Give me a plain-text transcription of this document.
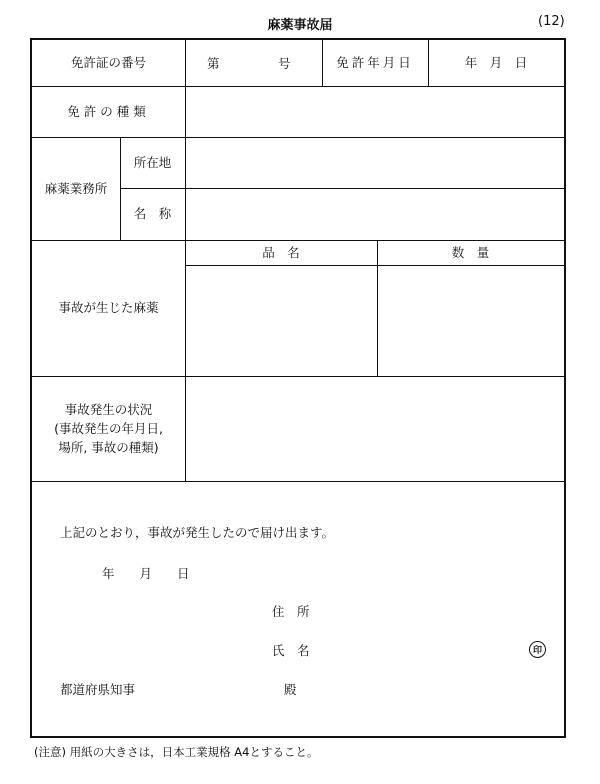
麻薬事故届	(12)
免許証の番号	第	号	免許年月日	年　月　日
免許の種類
麻薬業務所
所在地
名　称
事故が生じた麻薬
品　名	数　量
事故発生の状況
(事故発生の年月日,
場所, 事故の種類)
上記のとおり，事故が発生したので届け出ます。
年　　月　　日
住　所
氏　名	印
都道府県知事	殿
(注意) 用紙の大きさは，日本工業規格 A4とすること。
